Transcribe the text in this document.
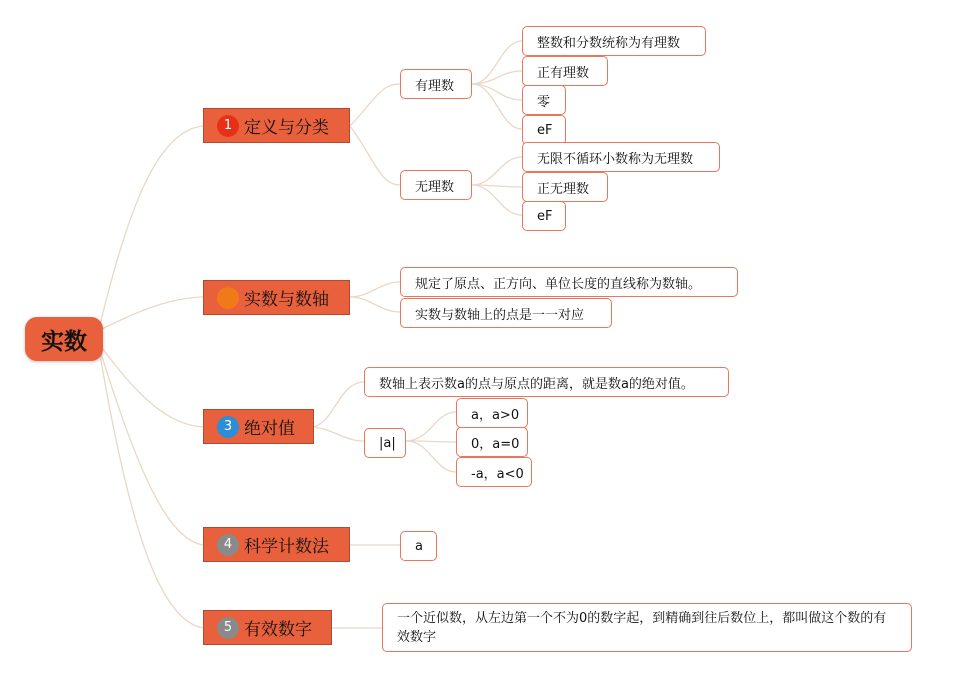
实数
1 定义与分类
有理数
整数和分数统称为有理数
正有理数
零
eF
无理数
无限不循环小数称为无理数
正无理数
eF
实数与数轴
规定了原点、正方向、单位长度的直线称为数轴。
实数与数轴上的点是一一对应
3 绝对值
数轴上表示数a的点与原点的距离，就是数a的绝对值。
|a|
a，a>0
0，a=0
-a，a<0
4 科学计数法	a
5 有效数字
一个近似数，从左边第一个不为0的数字起，到精确到往后数位上，都叫做这个数的有效数字
